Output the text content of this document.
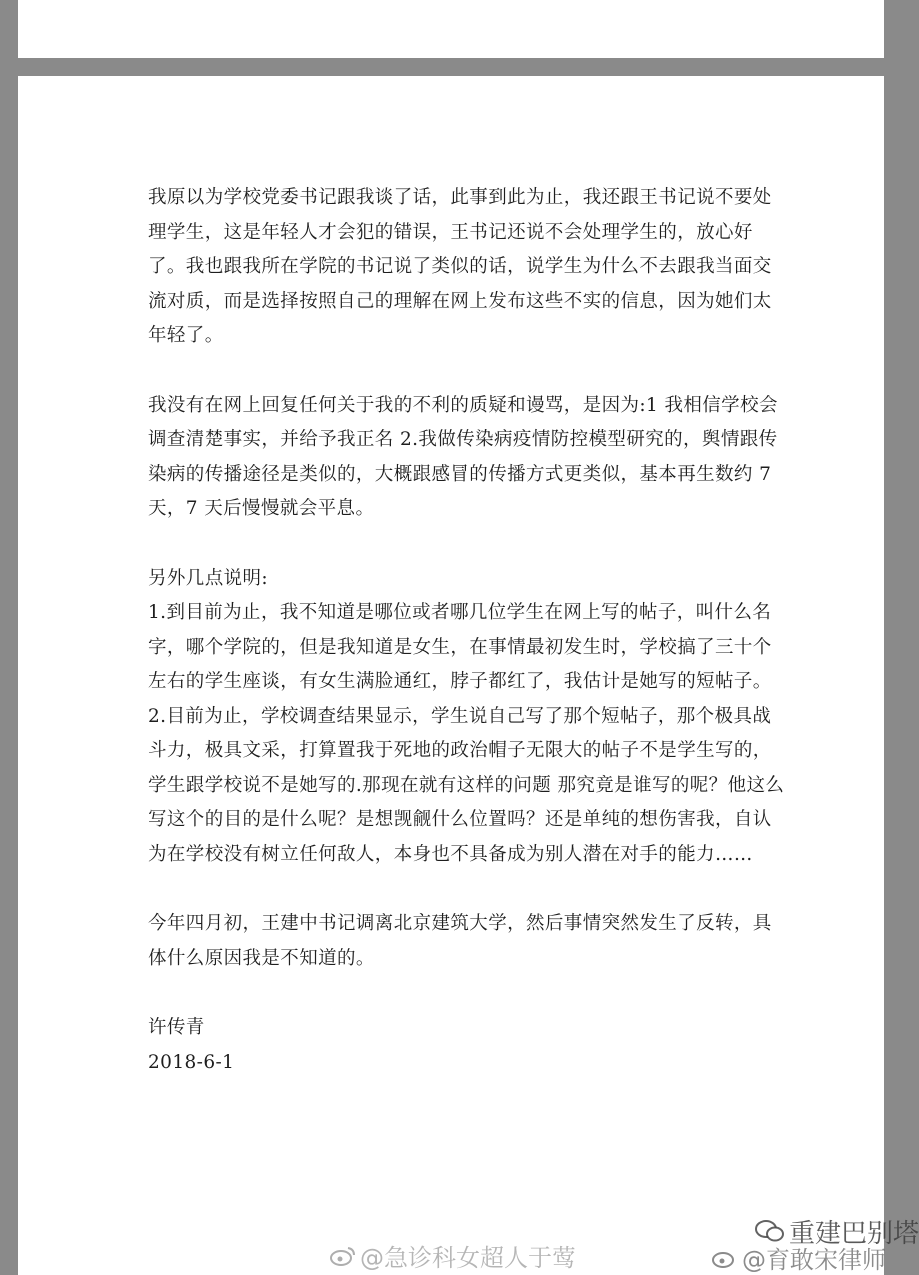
我原以为学校党委书记跟我谈了话，此事到此为止，我还跟王书记说不要处理学生，这是年轻人才会犯的错误，王书记还说不会处理学生的，放心好了。我也跟我所在学院的书记说了类似的话，说学生为什么不去跟我当面交流对质，而是选择按照自己的理解在网上发布这些不实的信息，因为她们太年轻了。

我没有在网上回复任何关于我的不利的质疑和谩骂，是因为:1 我相信学校会调查清楚事实，并给予我正名 2.我做传染病疫情防控模型研究的，舆情跟传染病的传播途径是类似的，大概跟感冒的传播方式更类似，基本再生数约 7 天，7 天后慢慢就会平息。

另外几点说明:

1.到目前为止，我不知道是哪位或者哪几位学生在网上写的帖子，叫什么名字，哪个学院的，但是我知道是女生，在事情最初发生时，学校搞了三十个左右的学生座谈，有女生满脸通红，脖子都红了，我估计是她写的短帖子。

2.目前为止，学校调查结果显示，学生说自己写了那个短帖子，那个极具战斗力，极具文采，打算置我于死地的政治帽子无限大的帖子不是学生写的，学生跟学校说不是她写的.那现在就有这样的问题 那究竟是谁写的呢？他这么写这个的目的是什么呢？是想觊觎什么位置吗？还是单纯的想伤害我，自认为在学校没有树立任何敌人，本身也不具备成为别人潜在对手的能力……

今年四月初，王建中书记调离北京建筑大学，然后事情突然发生了反转，具体什么原因我是不知道的。

许传青

2018-6-1

@急诊科女超人于莺
重建巴别塔
@育敢宋律师
